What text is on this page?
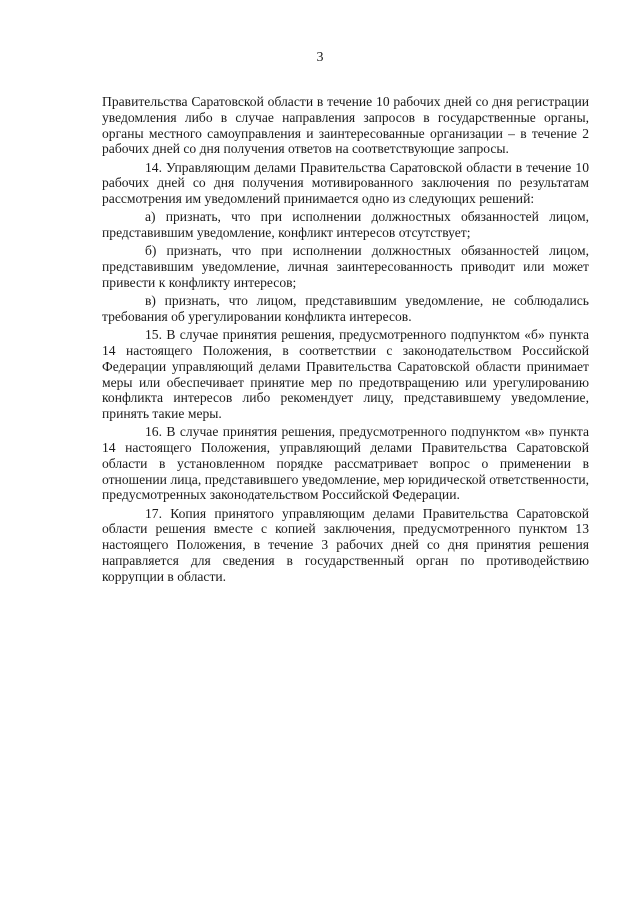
3

Правительства Саратовской области в течение 10 рабочих дней со дня регистрации уведомления либо в случае направления запросов в государственные органы, органы местного самоуправления и заинтересованные организации – в течение 2 рабочих дней со дня получения ответов на соответствующие запросы.

14. Управляющим делами Правительства Саратовской области в течение 10 рабочих дней со дня получения мотивированного заключения по результатам рассмотрения им уведомлений принимается одно из следующих решений:

а) признать, что при исполнении должностных обязанностей лицом, представившим уведомление, конфликт интересов отсутствует;

б) признать, что при исполнении должностных обязанностей лицом, представившим уведомление, личная заинтересованность приводит или может привести к конфликту интересов;

в) признать, что лицом, представившим уведомление, не соблюдались требования об урегулировании конфликта интересов.

15. В случае принятия решения, предусмотренного подпунктом «б» пункта 14 настоящего Положения, в соответствии с законодательством Российской Федерации управляющий делами Правительства Саратовской области принимает меры или обеспечивает принятие мер по предотвращению или урегулированию конфликта интересов либо рекомендует лицу, представившему уведомление, принять такие меры.

16. В случае принятия решения, предусмотренного подпунктом «в» пункта 14 настоящего Положения, управляющий делами Правительства Саратовской области в установленном порядке рассматривает вопрос о применении в отношении лица, представившего уведомление, мер юридической ответственности, предусмотренных законодательством Российской Федерации.

17. Копия принятого управляющим делами Правительства Саратовской области решения вместе с копией заключения, предусмотренного пунктом 13 настоящего Положения, в течение 3 рабочих дней со дня принятия решения направляется для сведения в государственный орган по противодействию коррупции в области.
